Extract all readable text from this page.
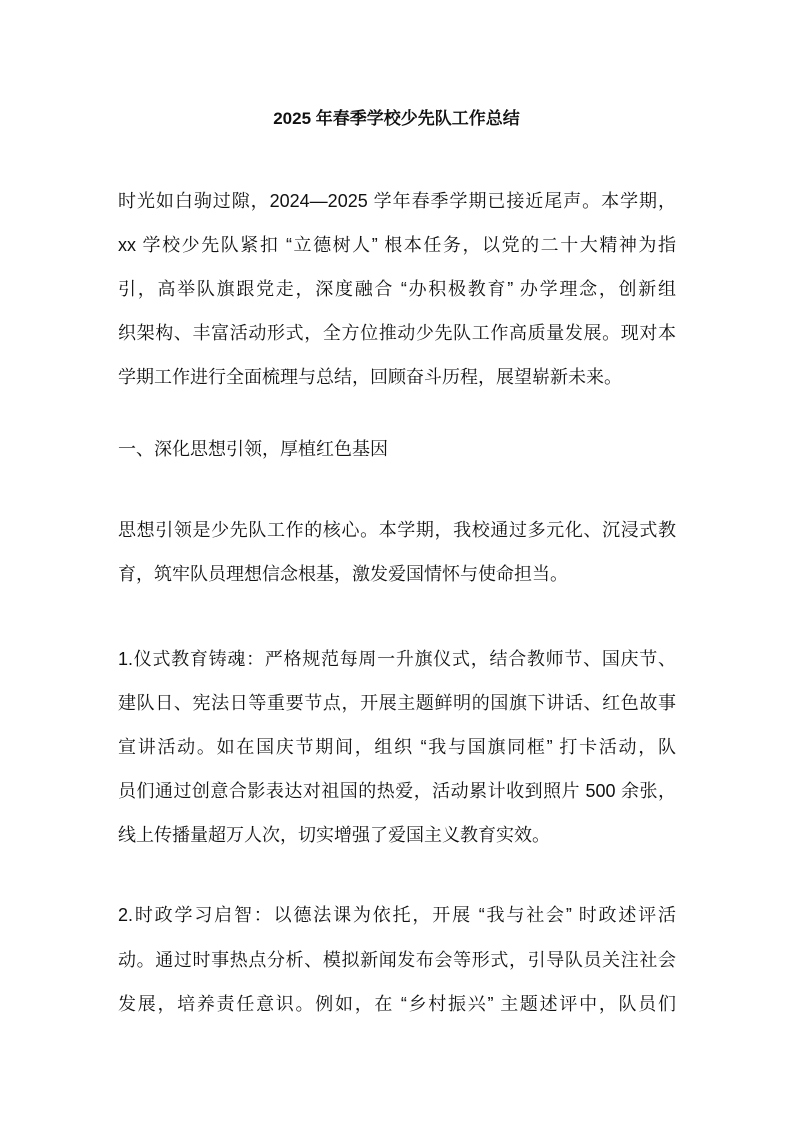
2025 年春季学校少先队工作总结
时光如白驹过隙，2024—2025 学年春季学期已接近尾声。本学期，
xx 学校少先队紧扣 “立德树人” 根本任务，以党的二十大精神为指
引，高举队旗跟党走，深度融合 “办积极教育” 办学理念，创新组
织架构、丰富活动形式，全方位推动少先队工作高质量发展。现对本
学期工作进行全面梳理与总结，回顾奋斗历程，展望崭新未来。
一、深化思想引领，厚植红色基因
思想引领是少先队工作的核心。本学期，我校通过多元化、沉浸式教
育，筑牢队员理想信念根基，激发爱国情怀与使命担当。
1.仪式教育铸魂：严格规范每周一升旗仪式，结合教师节、国庆节、
建队日、宪法日等重要节点，开展主题鲜明的国旗下讲话、红色故事
宣讲活动。如在国庆节期间，组织 “我与国旗同框” 打卡活动，队
员们通过创意合影表达对祖国的热爱，活动累计收到照片 500 余张，
线上传播量超万人次，切实增强了爱国主义教育实效。
2.时政学习启智：以德法课为依托，开展 “我与社会” 时政述评活
动。通过时事热点分析、模拟新闻发布会等形式，引导队员关注社会
发展，培养责任意识。例如，在 “乡村振兴” 主题述评中，队员们
